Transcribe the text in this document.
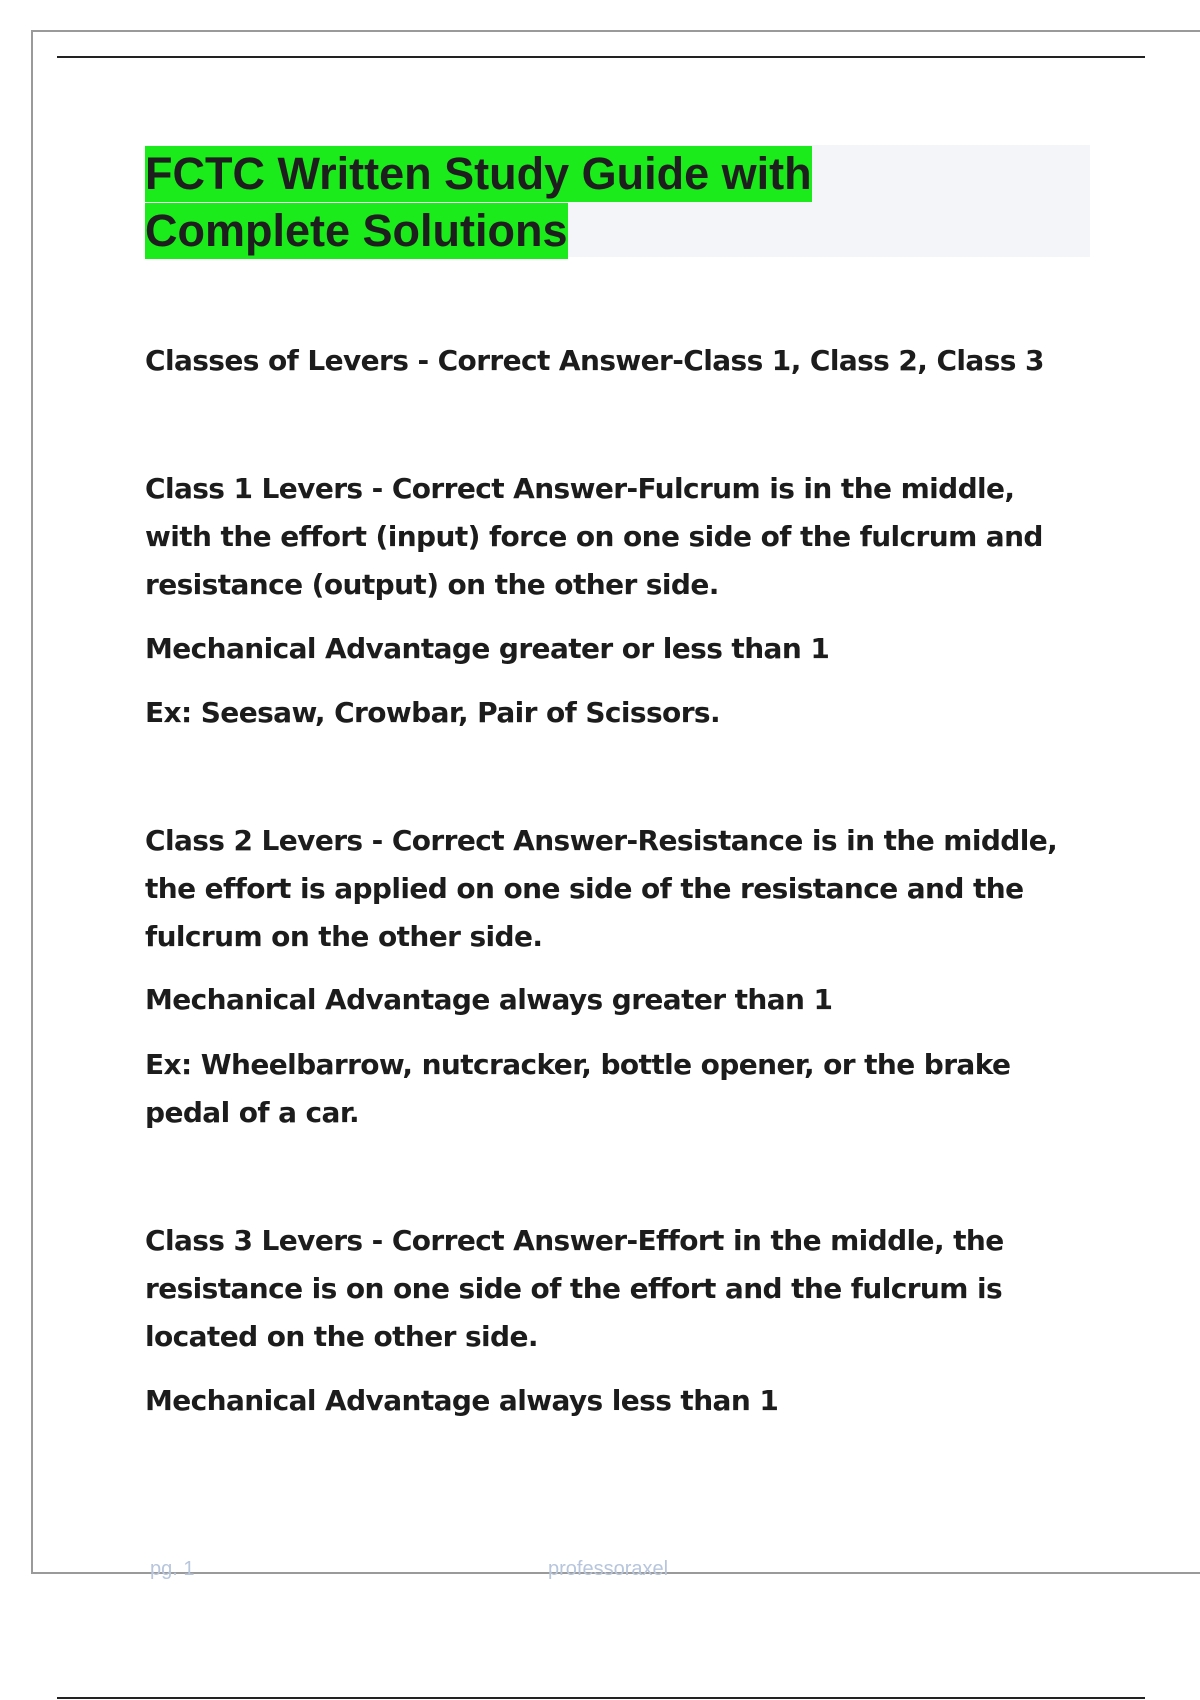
FCTC Written Study Guide with
Complete Solutions

Classes of Levers - Correct Answer-Class 1, Class 2, Class 3

Class 1 Levers - Correct Answer-Fulcrum is in the middle, with the effort (input) force on one side of the fulcrum and resistance (output) on the other side.

Mechanical Advantage greater or less than 1

Ex: Seesaw, Crowbar, Pair of Scissors.

Class 2 Levers - Correct Answer-Resistance is in the middle, the effort is applied on one side of the resistance and the fulcrum on the other side.

Mechanical Advantage always greater than 1

Ex: Wheelbarrow, nutcracker, bottle opener, or the brake pedal of a car.

Class 3 Levers - Correct Answer-Effort in the middle, the resistance is on one side of the effort and the fulcrum is located on the other side.

Mechanical Advantage always less than 1

pg. 1	professoraxel
